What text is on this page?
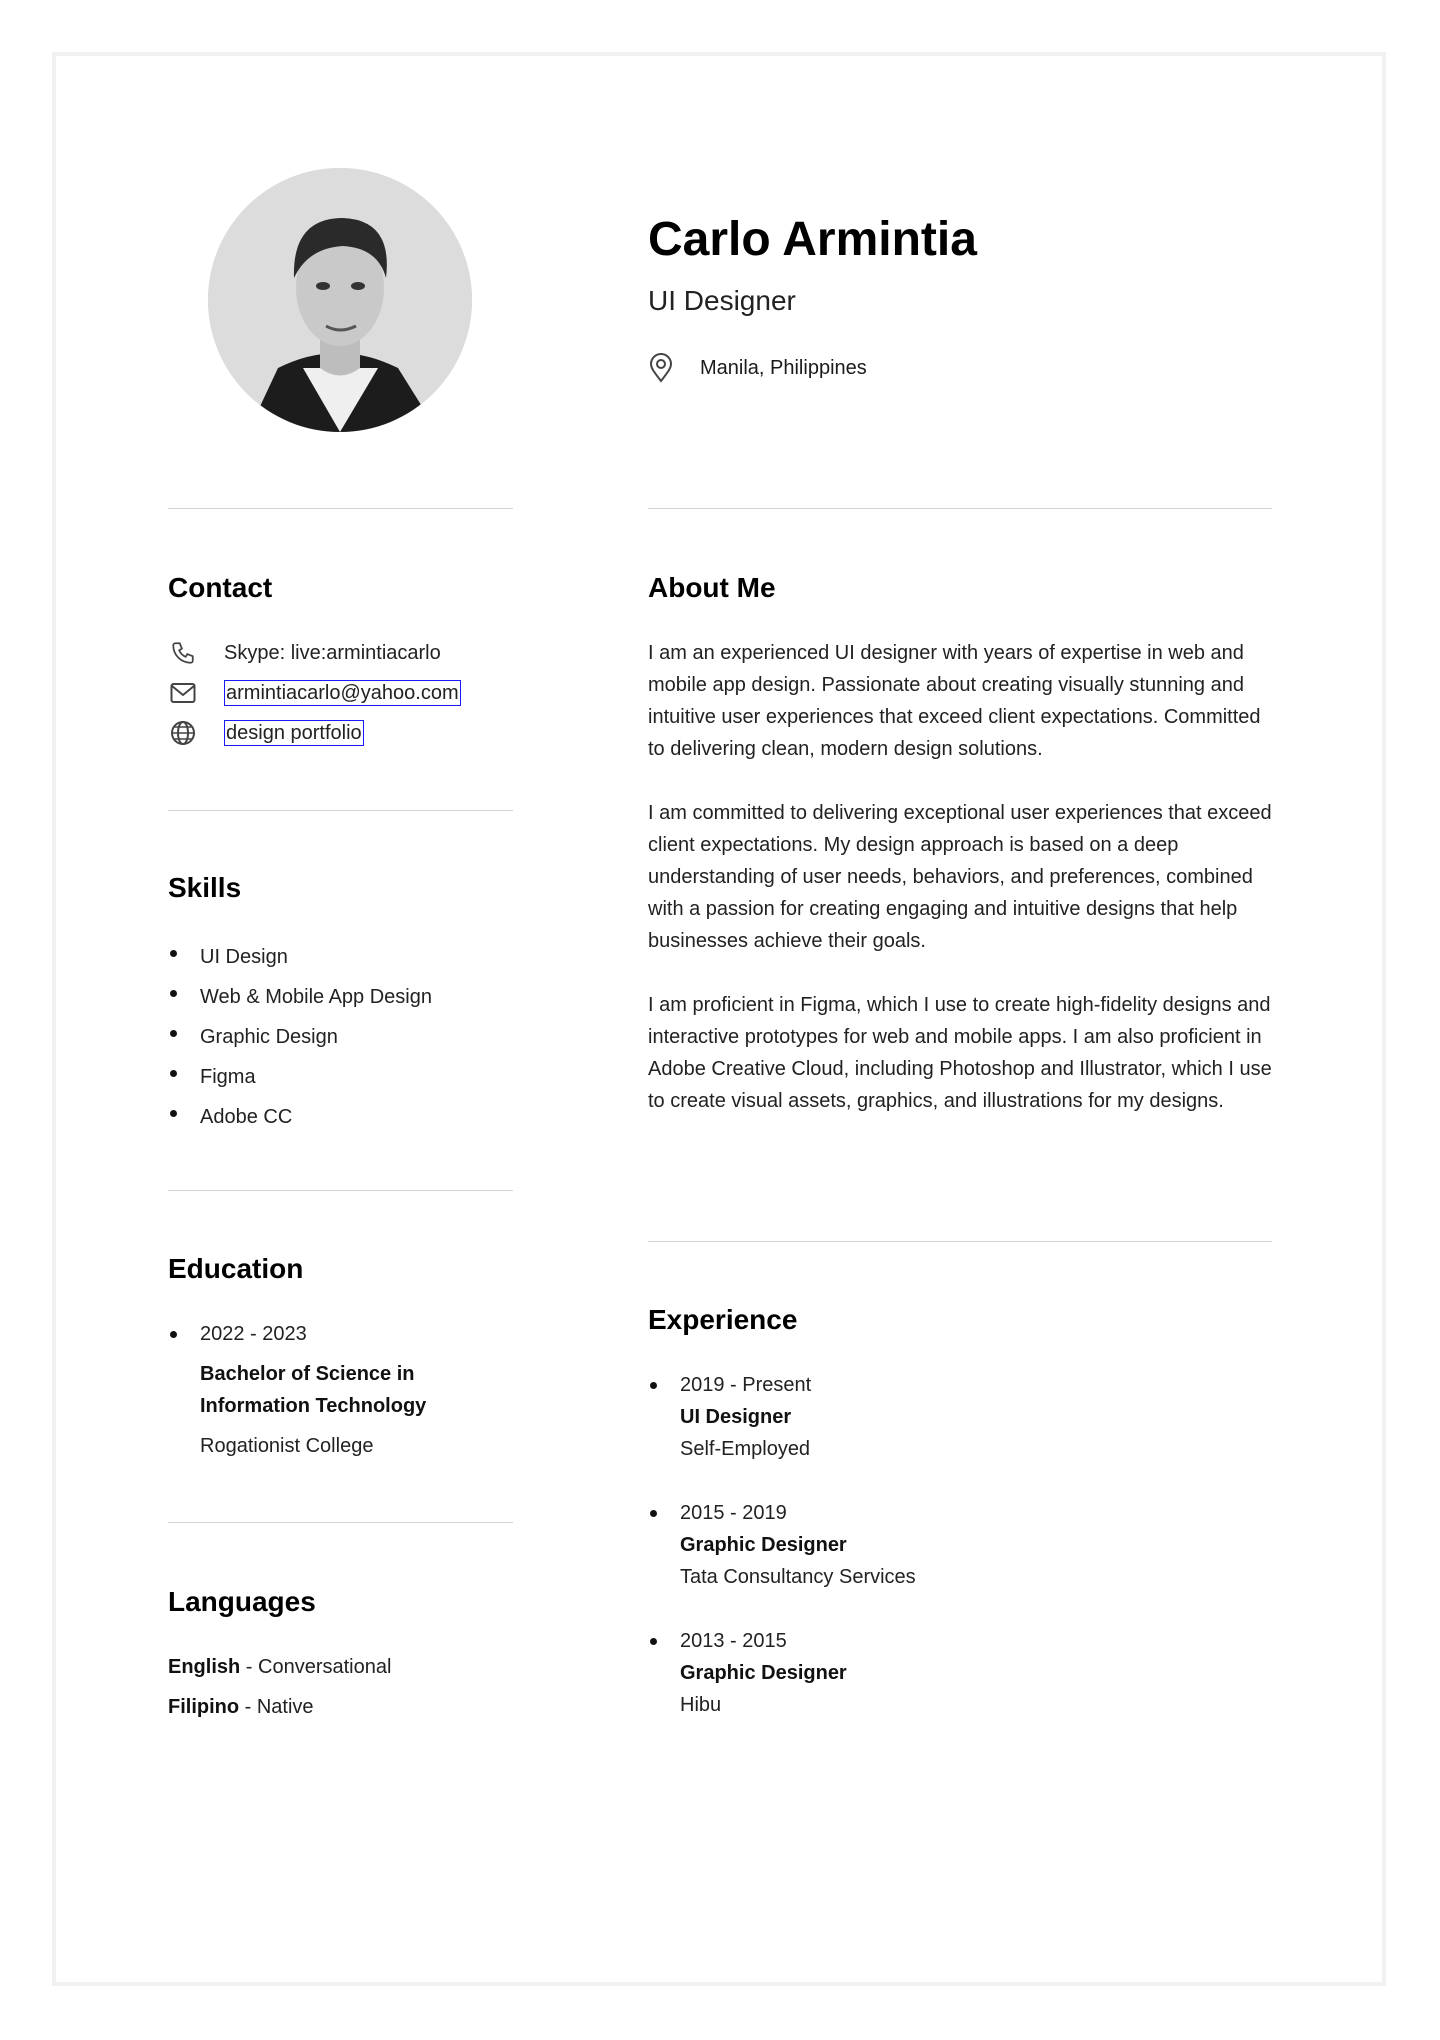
Carlo Armintia
UI Designer
Manila, Philippines
Contact
Skype: live:armintiacarlo
armintiacarlo@yahoo.com
design portfolio
Skills
UI Design
Web & Mobile App Design
Graphic Design
Figma
Adobe CC
Education
2022 - 2023
Bachelor of Science in Information Technology
Rogationist College
Languages
English - Conversational
Filipino - Native
About Me

I am an experienced UI designer with years of expertise in web and mobile app design. Passionate about creating visually stunning and intuitive user experiences that exceed client expectations. Committed to delivering clean, modern design solutions.

I am committed to delivering exceptional user experiences that exceed client expectations. My design approach is based on a deep understanding of user needs, behaviors, and preferences, combined with a passion for creating engaging and intuitive designs that help businesses achieve their goals.

I am proficient in Figma, which I use to create high-fidelity designs and interactive prototypes for web and mobile apps. I am also proficient in Adobe Creative Cloud, including Photoshop and Illustrator, which I use to create visual assets, graphics, and illustrations for my designs.

Experience
2019 - Present
UI Designer
Self-Employed
2015 - 2019
Graphic Designer
Tata Consultancy Services
2013 - 2015
Graphic Designer
Hibu
